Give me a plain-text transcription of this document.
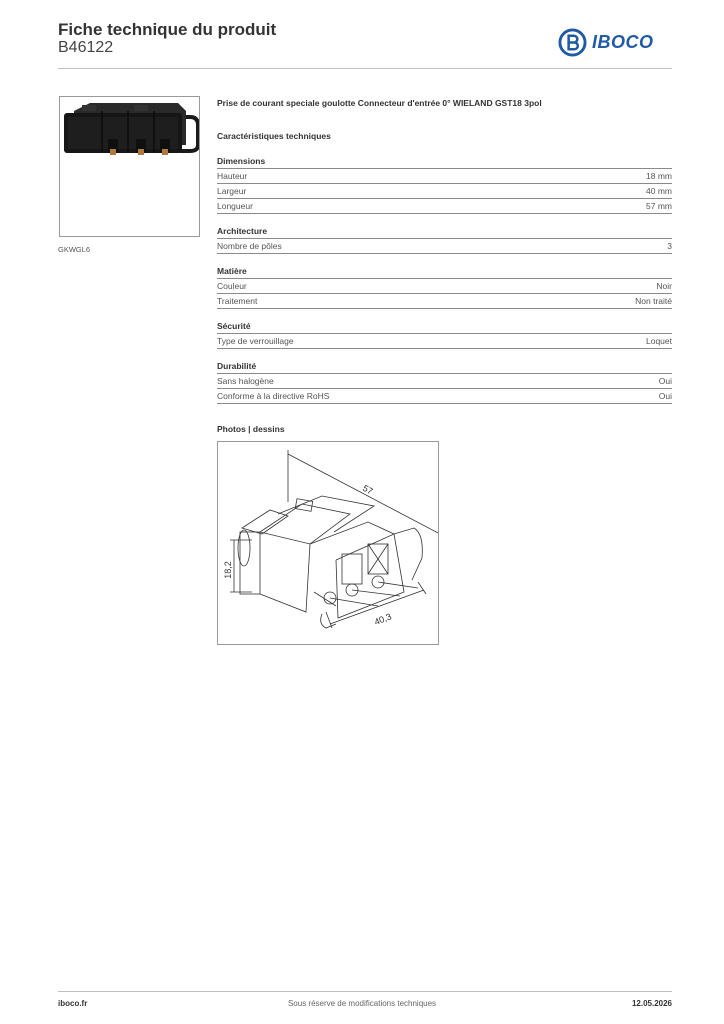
Fiche technique du produit
B46122	IBOCO
GKWGL6
Prise de courant speciale goulotte Connecteur d'entrée 0° WIELAND GST18 3pol
Caractéristiques techniques
Dimensions
Hauteur	18 mm
Largeur	40 mm
Longueur	57 mm
Architecture
Nombre de pôles	3
Matière
Couleur	Noir
Traitement	Non traité
Sécurité
Type de verrouillage	Loquet
Durabilité
Sans halogène	Oui
Conforme à la directive RoHS	Oui
Photos | dessins
57
18,2
40,3
iboco.fr	Sous réserve de modifications techniques	12.05.2026
